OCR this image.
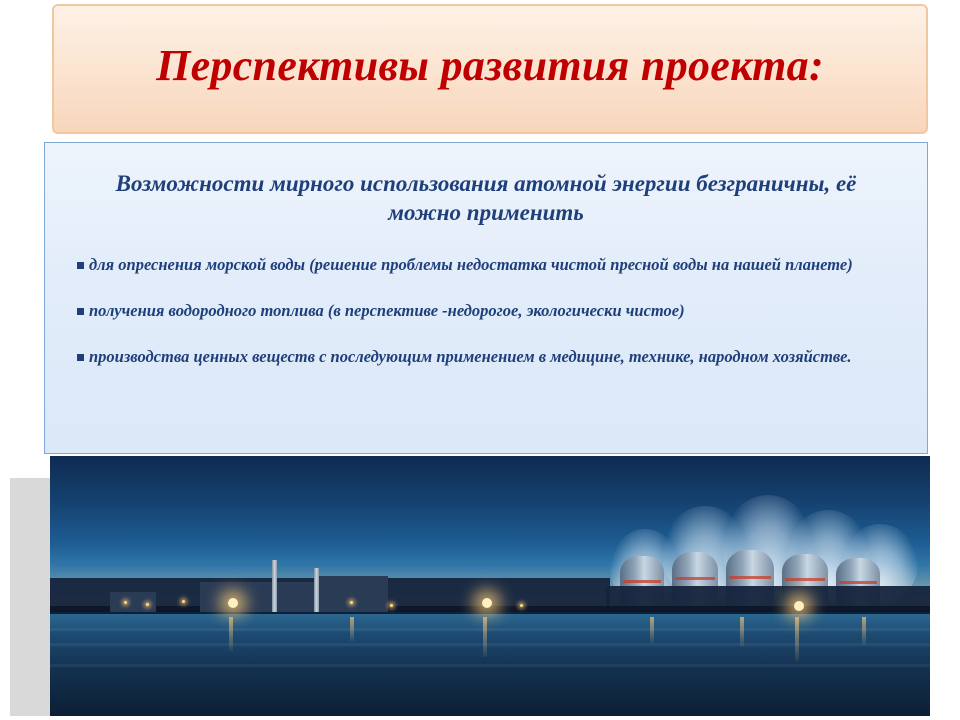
Перспективы развития проекта:
Возможности мирного использования атомной энергии безграничны, её можно применить
для опреснения морской воды (решение проблемы недостатка чистой пресной воды на нашей планете)
получения водородного топлива (в перспективе -недорогое, экологически чистое)
производства ценных веществ с последующим применением в медицине, технике, народном хозяйстве.
